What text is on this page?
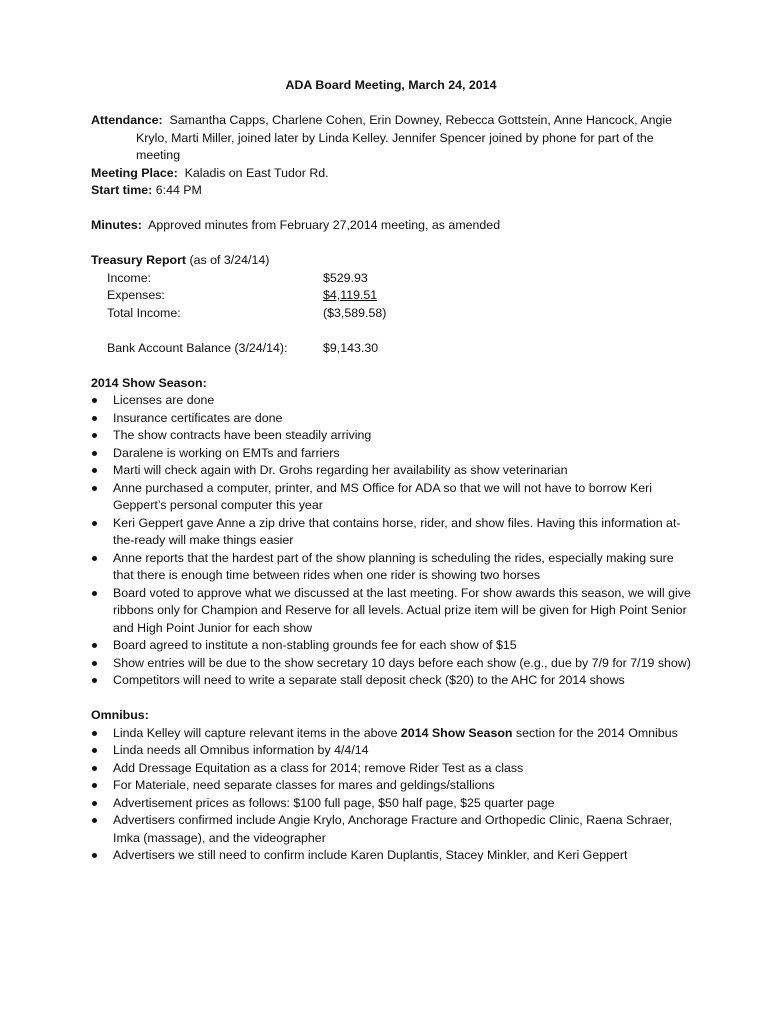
ADA Board Meeting, March 24, 2014
Attendance: Samantha Capps, Charlene Cohen, Erin Downey, Rebecca Gottstein, Anne Hancock, Angie Krylo, Marti Miller, joined later by Linda Kelley. Jennifer Spencer joined by phone for part of the meeting
Meeting Place: Kaladis on East Tudor Rd.
Start time: 6:44 PM
Minutes: Approved minutes from February 27,2014 meeting, as amended
Treasury Report (as of 3/24/14)
Income:	$529.93
Expenses:	$4,119.51
Total Income:	($3,589.58)
Bank Account Balance (3/24/14):	$9,143.30
2014 Show Season:
Licenses are done
Insurance certificates are done
The show contracts have been steadily arriving
Daralene is working on EMTs and farriers
Marti will check again with Dr. Grohs regarding her availability as show veterinarian
Anne purchased a computer, printer, and MS Office for ADA so that we will not have to borrow Keri Geppert’s personal computer this year
Keri Geppert gave Anne a zip drive that contains horse, rider, and show files. Having this information at-the-ready will make things easier
Anne reports that the hardest part of the show planning is scheduling the rides, especially making sure that there is enough time between rides when one rider is showing two horses
Board voted to approve what we discussed at the last meeting. For show awards this season, we will give ribbons only for Champion and Reserve for all levels. Actual prize item will be given for High Point Senior and High Point Junior for each show
Board agreed to institute a non-stabling grounds fee for each show of $15
Show entries will be due to the show secretary 10 days before each show (e.g., due by 7/9 for 7/19 show)
Competitors will need to write a separate stall deposit check ($20) to the AHC for 2014 shows
Omnibus:
Linda Kelley will capture relevant items in the above 2014 Show Season section for the 2014 Omnibus
Linda needs all Omnibus information by 4/4/14
Add Dressage Equitation as a class for 2014; remove Rider Test as a class
For Materiale, need separate classes for mares and geldings/stallions
Advertisement prices as follows: $100 full page, $50 half page, $25 quarter page
Advertisers confirmed include Angie Krylo, Anchorage Fracture and Orthopedic Clinic, Raena Schraer, Imka (massage), and the videographer
Advertisers we still need to confirm include Karen Duplantis, Stacey Minkler, and Keri Geppert
